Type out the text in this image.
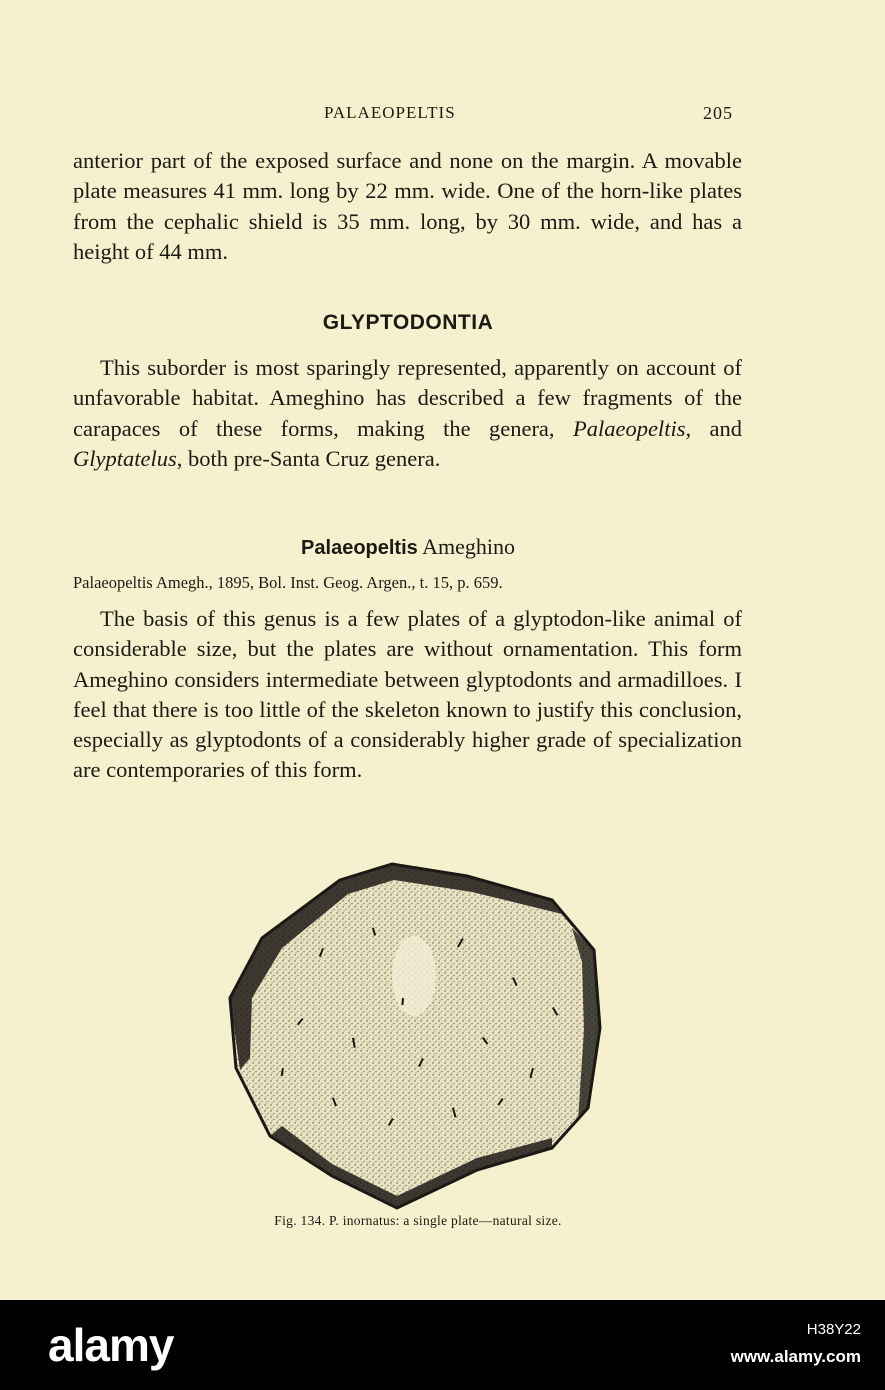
PALAEOPELTIS	205

anterior part of the exposed surface and none on the margin. A movable plate measures 41 mm. long by 22 mm. wide. One of the horn-like plates from the cephalic shield is 35 mm. long, by 30 mm. wide, and has a height of 44 mm.

GLYPTODONTIA

This suborder is most sparingly represented, apparently on account of unfavorable habitat. Ameghino has described a few fragments of the carapaces of these forms, making the genera, Palaeopeltis, and Glyptatelus, both pre-Santa Cruz genera.

Palaeopeltis Ameghino

Palaeopeltis Amegh., 1895, Bol. Inst. Geog. Argen., t. 15, p. 659.

The basis of this genus is a few plates of a glyptodon-like animal of considerable size, but the plates are without ornamentation. This form Ameghino considers intermediate between glyptodonts and armadilloes. I feel that there is too little of the skeleton known to justify this conclusion, especially as glyptodonts of a considerably higher grade of specialization are contemporaries of this form.

Fig. 134. P. inornatus: a single plate—natural size.
alamy	H38Y22
www.alamy.com
